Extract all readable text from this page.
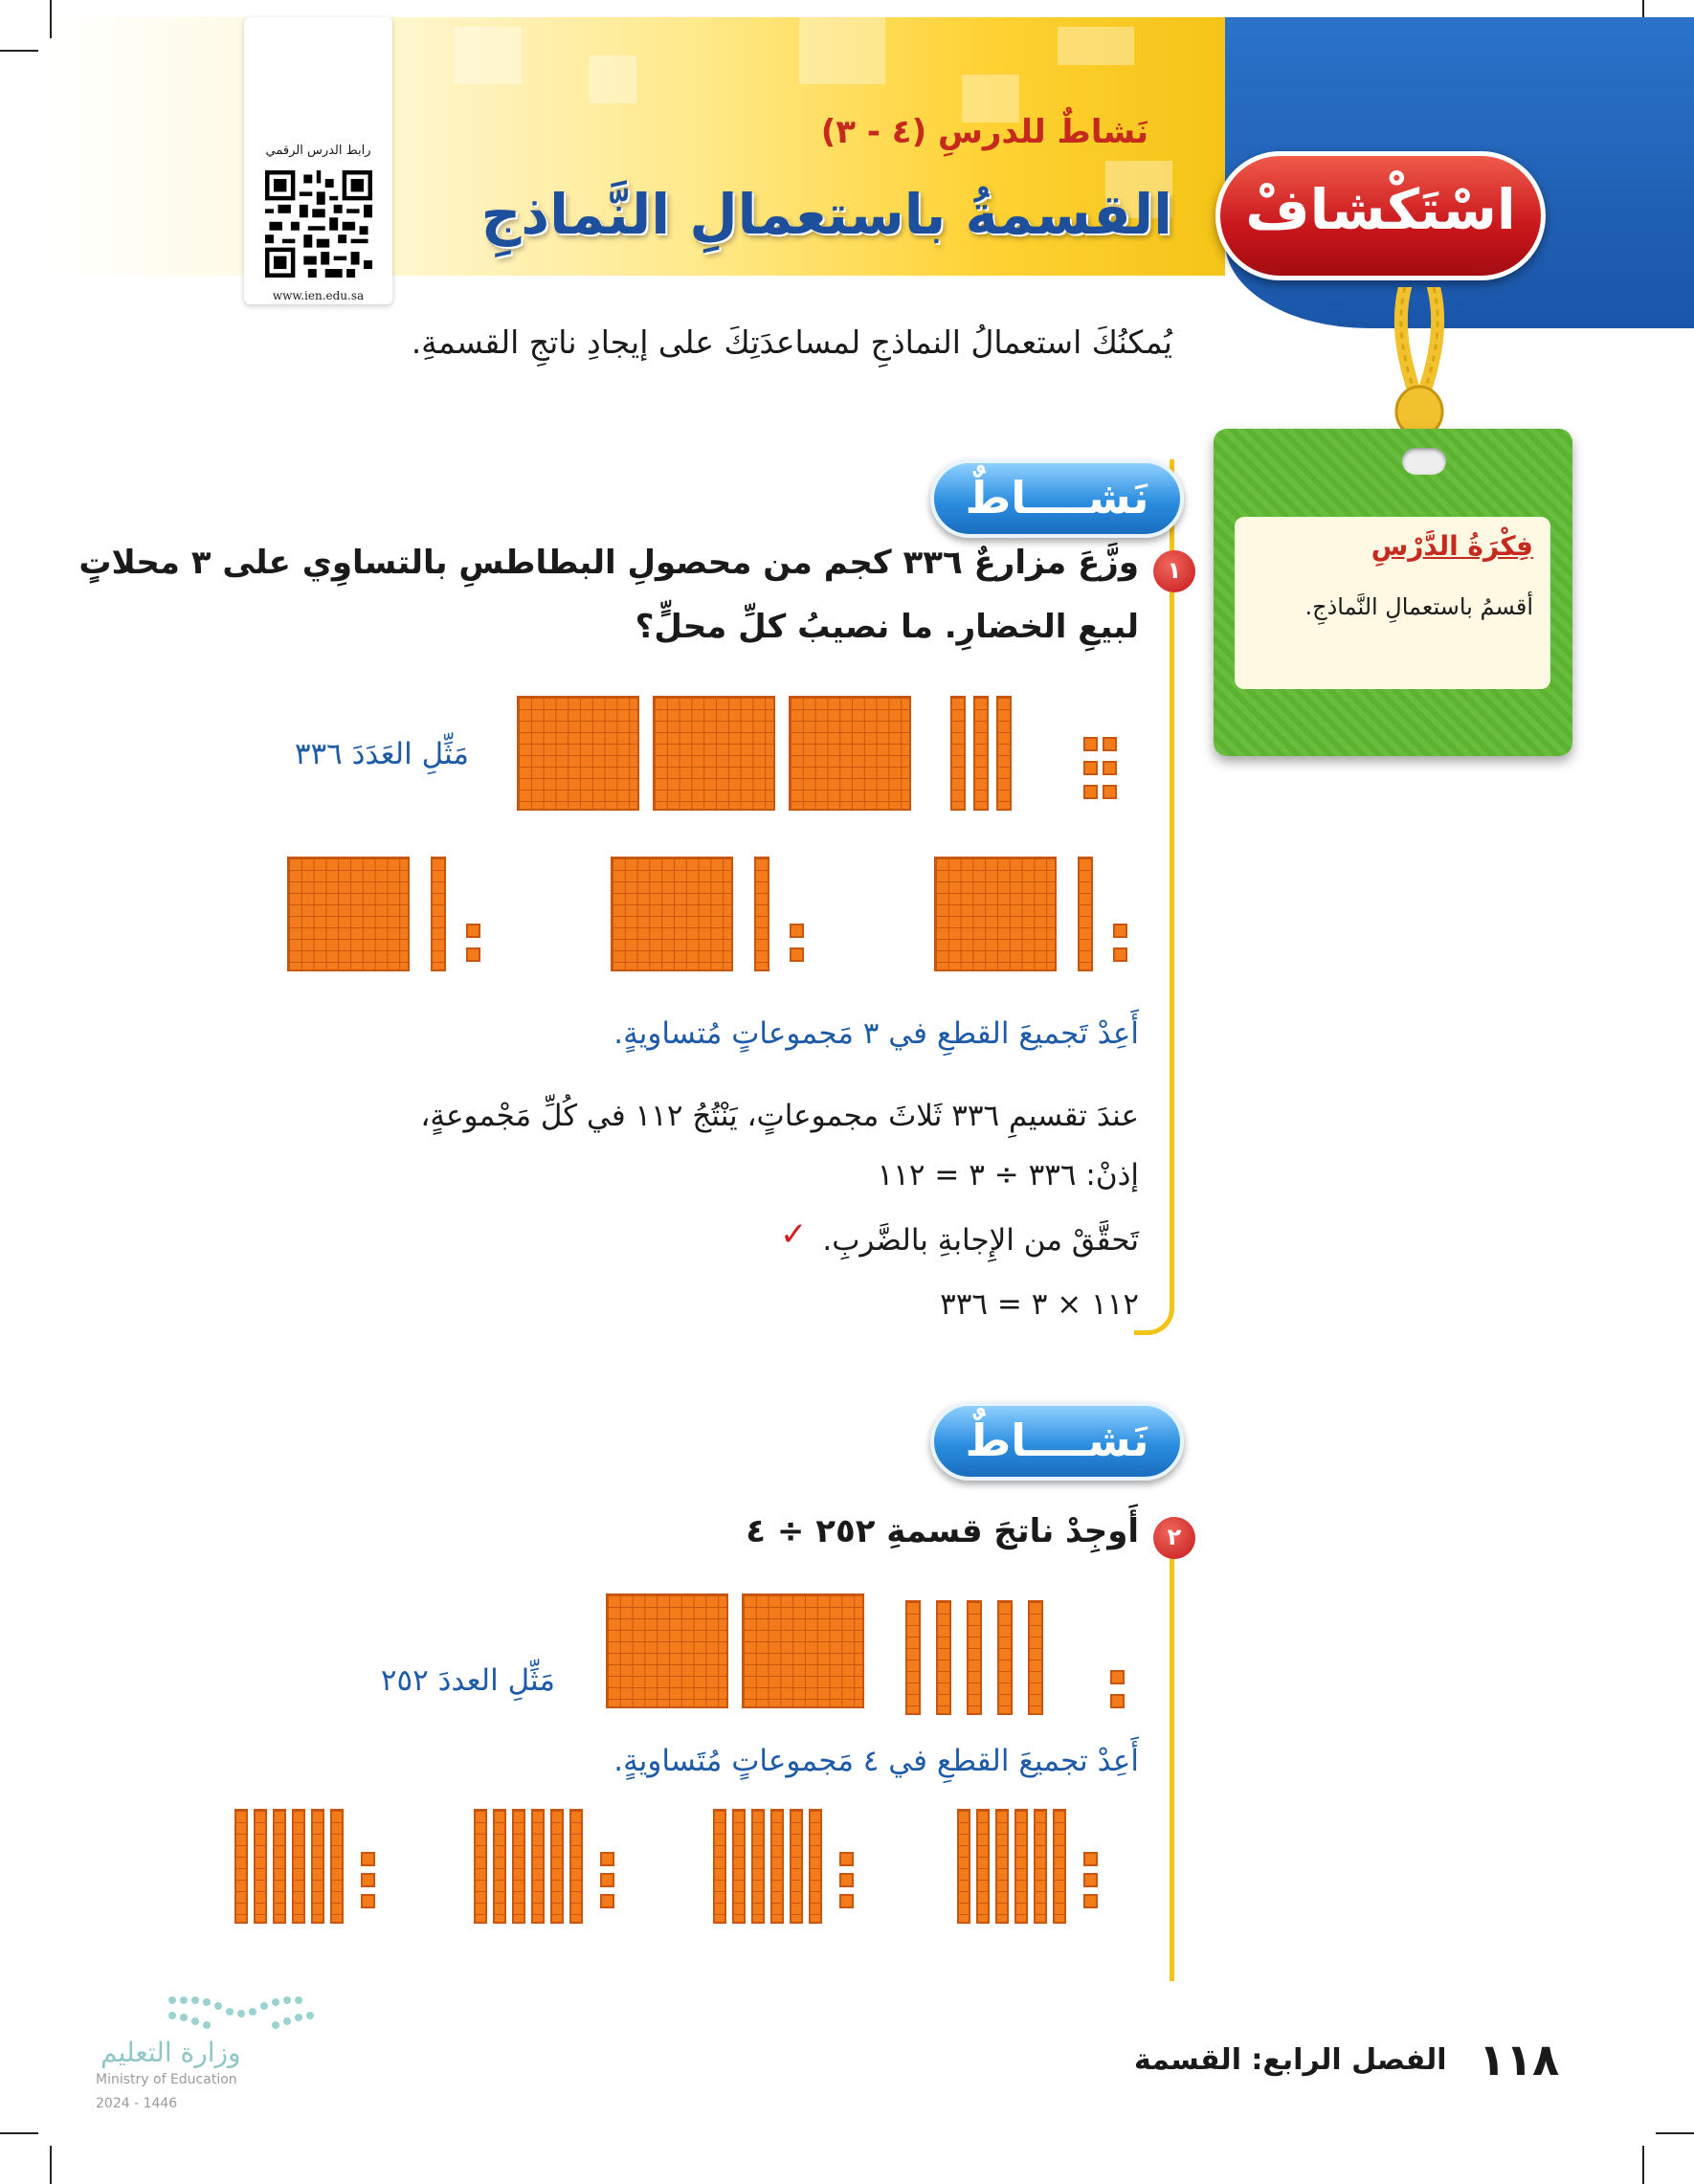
رابط الدرس الرقمي
www.ien.edu.sa
نَشاطٌ للدرسِ (٤ - ٣)
القسمةُ باستعمالِ النَّماذجِ	اسْتَكْشافْ
يُمكنُكَ استعمالُ النماذجِ لمساعدَتِكَ على إيجادِ ناتجِ القسمةِ.
فِكْرَةُ الدَّرْسِ
أقسمُ باستعمالِ النَّماذجِ.
نَشــــاطٌ
١
وزَّعَ مزارعٌ ٣٣٦ كجم من محصولِ البطاطسِ بالتساوِي على ٣ محلاتٍ
لبيعِ الخضارِ. ما نصيبُ كلِّ محلٍّ؟
مَثِّلِ العَدَدَ ٣٣٦
أَعِدْ تَجميعَ القطعِ في ٣ مَجموعاتٍ مُتساويةٍ.
عندَ تقسيمِ ٣٣٦ ثَلاثَ مجموعاتٍ، يَنْتُجُ ١١٢ في كُلِّ مَجْموعةٍ،
إذنْ: ٣٣٦ ÷ ٣ = ١١٢
تَحقَّقْ من الإِجابةِ بالضَّربِ.
✓
١١٢ × ٣ = ٣٣٦
نَشــــاطٌ
٢
أَوجِدْ ناتجَ قسمةِ ٢٥٢ ÷ ٤
مَثِّلِ العددَ ٢٥٢
أَعِدْ تجميعَ القطعِ في ٤ مَجموعاتٍ مُتَساويةٍ.
١١٨
الفصل الرابع: القسمة
وزارة التعليم
Ministry of Education
2024 - 1446
